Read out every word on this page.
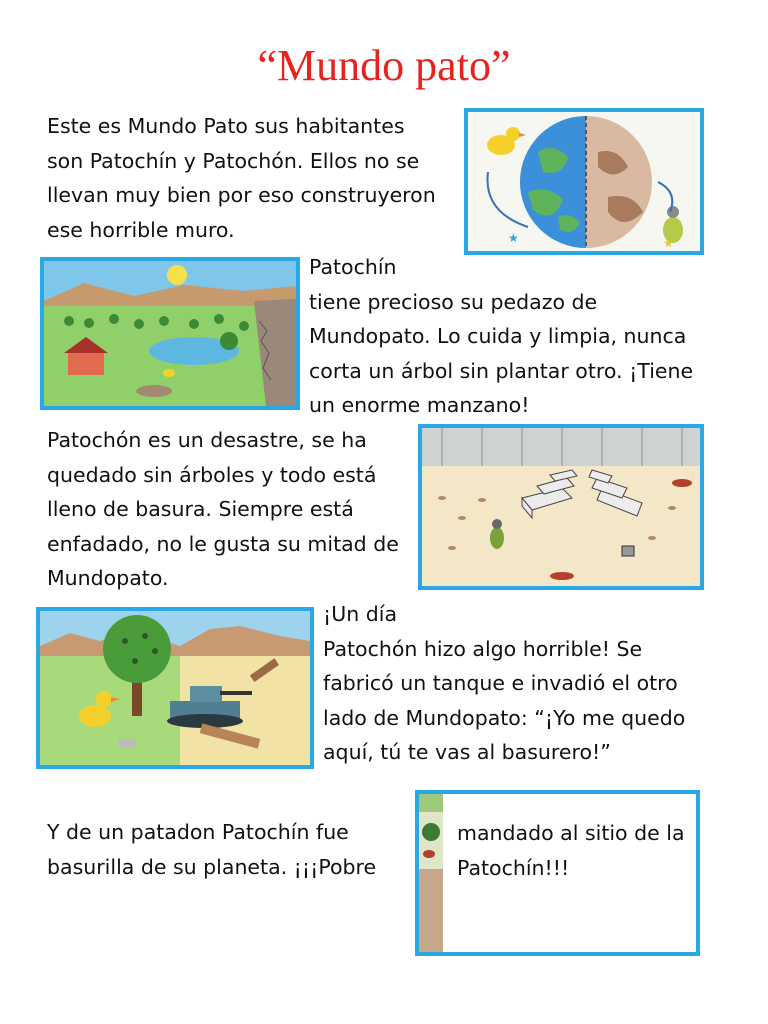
“Mundo pato”
Este es Mundo Pato sus habitantes
son Patochín y Patochón. Ellos no se
llevan muy bien por eso construyeron
ese horrible muro.	★	★
Patochín
tiene precioso su pedazo de
Mundopato. Lo cuida y limpia, nunca
corta un árbol sin plantar otro. ¡Tiene
un enorme manzano!
Patochón es un desastre, se ha
quedado sin árboles y todo está
lleno de basura. Siempre está
enfadado, no le gusta su mitad de
Mundopato.
¡Un día
Patochón hizo algo horrible! Se
fabricó un tanque e invadió el otro
lado de Mundopato: “¡Yo me quedo
aquí, tú te vas al basurero!”
Y de un patadon Patochín fue
basurilla de su planeta. ¡¡¡Pobre
mandado al sitio de la
Patochín!!!
